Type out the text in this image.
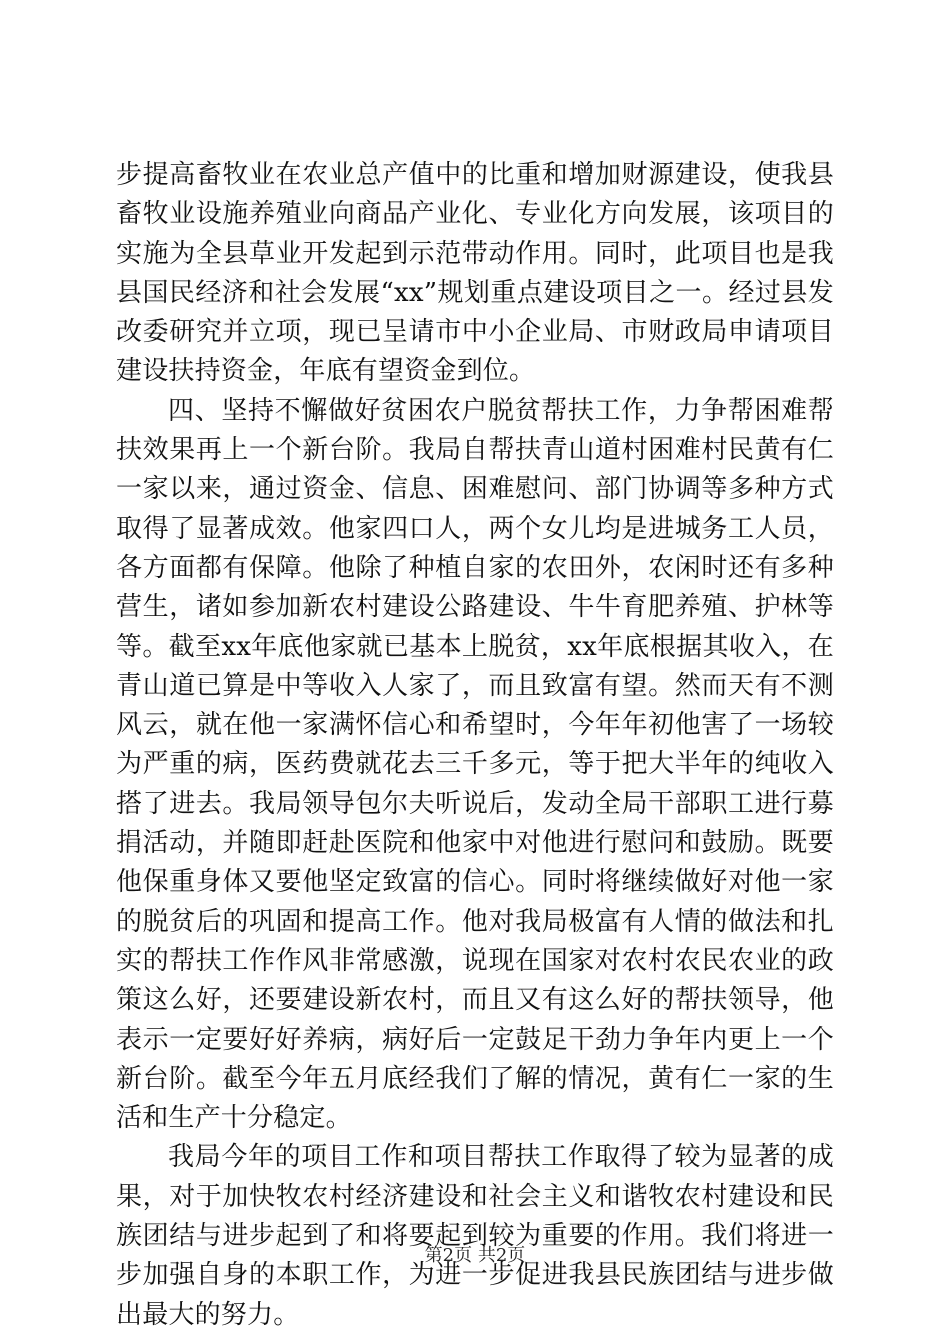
步提高畜牧业在农业总产值中的比重和增加财源建设，使我县畜牧业设施养殖业向商品产业化、专业化方向发展，该项目的实施为全县草业开发起到示范带动作用。同时，此项目也是我县国民经济和社会发展“xx”规划重点建设项目之一。经过县发改委研究并立项，现已呈请市中小企业局、市财政局申请项目建设扶持资金，年底有望资金到位。

四、坚持不懈做好贫困农户脱贫帮扶工作，力争帮困难帮扶效果再上一个新台阶。我局自帮扶青山道村困难村民黄有仁一家以来，通过资金、信息、困难慰问、部门协调等多种方式取得了显著成效。他家四口人，两个女儿均是进城务工人员，各方面都有保障。他除了种植自家的农田外，农闲时还有多种营生，诸如参加新农村建设公路建设、牛牛育肥养殖、护林等等。截至xx年底他家就已基本上脱贫，xx年底根据其收入，在青山道已算是中等收入人家了，而且致富有望。然而天有不测风云，就在他一家满怀信心和希望时，今年年初他害了一场较为严重的病，医药费就花去三千多元，等于把大半年的纯收入搭了进去。我局领导包尔夫听说后，发动全局干部职工进行募捐活动，并随即赶赴医院和他家中对他进行慰问和鼓励。既要他保重身体又要他坚定致富的信心。同时将继续做好对他一家的脱贫后的巩固和提高工作。他对我局极富有人情的做法和扎实的帮扶工作作风非常感激，说现在国家对农村农民农业的政策这么好，还要建设新农村，而且又有这么好的帮扶领导，他表示一定要好好养病，病好后一定鼓足干劲力争年内更上一个新台阶。截至今年五月底经我们了解的情况，黄有仁一家的生活和生产十分稳定。

我局今年的项目工作和项目帮扶工作取得了较为显著的成果，对于加快牧农村经济建设和社会主义和谐牧农村建设和民族团结与进步起到了和将要起到较为重要的作用。我们将进一步加强自身的本职工作，为进一步促进我县民族团结与进步做出最大的努力。

第2页 共2页
